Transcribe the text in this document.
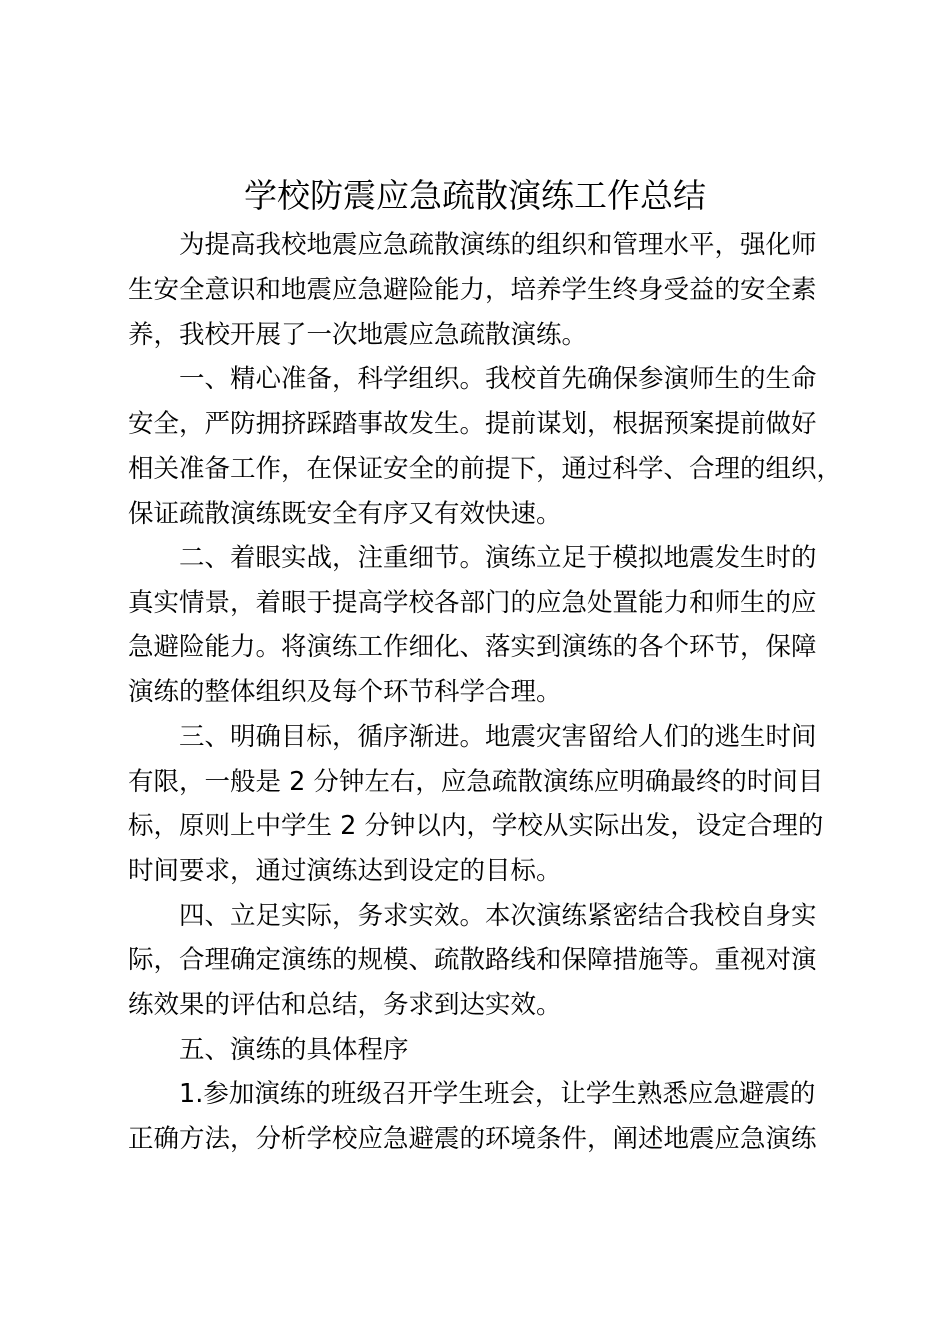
学校防震应急疏散演练工作总结

为提高我校地震应急疏散演练的组织和管理水平，强化师

生安全意识和地震应急避险能力，培养学生终身受益的安全素

养，我校开展了一次地震应急疏散演练。

一、精心准备，科学组织。我校首先确保参演师生的生命

安全，严防拥挤踩踏事故发生。提前谋划，根据预案提前做好

相关准备工作，在保证安全的前提下，通过科学、合理的组织，

保证疏散演练既安全有序又有效快速。

二、着眼实战，注重细节。演练立足于模拟地震发生时的

真实情景，着眼于提高学校各部门的应急处置能力和师生的应

急避险能力。将演练工作细化、落实到演练的各个环节，保障

演练的整体组织及每个环节科学合理。

三、明确目标，循序渐进。地震灾害留给人们的逃生时间

有限，一般是 2 分钟左右，应急疏散演练应明确最终的时间目

标，原则上中学生 2 分钟以内，学校从实际出发，设定合理的

时间要求，通过演练达到设定的目标。

四、立足实际，务求实效。本次演练紧密结合我校自身实

际，合理确定演练的规模、疏散路线和保障措施等。重视对演

练效果的评估和总结，务求到达实效。

五、演练的具体程序

1.参加演练的班级召开学生班会，让学生熟悉应急避震的

正确方法，分析学校应急避震的环境条件，阐述地震应急演练
